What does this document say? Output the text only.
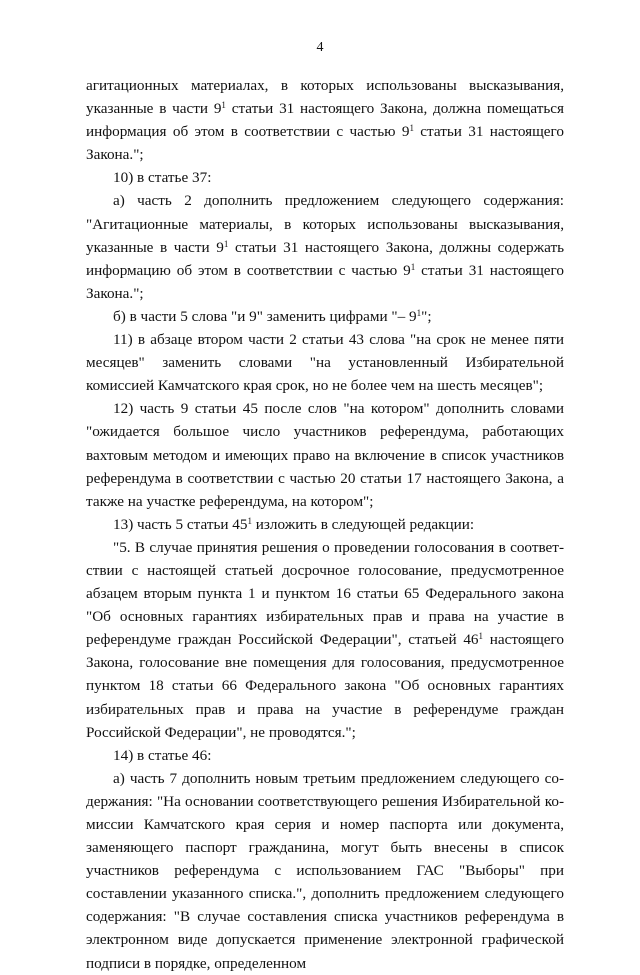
4

агитационных материалах, в которых использованы высказывания, указанные в части $9^1$ статьи 31 настоящего Закона, должна помещаться информация об этом в соответствии с частью $9^1$ статьи 31 настоящего Закона.";

10) в статье 37:

а) часть 2 дополнить предложением следующего содержания: "Агитационные материалы, в которых использованы высказывания, указанные в части $9^1$ статьи 31 настоящего Закона, должны содержать информацию об этом в соответствии с частью $9^1$ статьи 31 настоящего Закона.";

б) в части 5 слова "и 9" заменить цифрами "– $9^1$";

11) в абзаце втором части 2 статьи 43 слова "на срок не менее пяти месяцев" заменить словами "на установленный Избирательной комиссией Камчатского края срок, но не более чем на шесть месяцев";

12) часть 9 статьи 45 после слов "на котором" дополнить словами "ожидается большое число участников референдума, работающих вахтовым методом и имеющих право на включение в список участников референдума в соответствии с частью 20 статьи 17 настоящего Закона, а также на участке референдума, на котором";

13) часть 5 статьи $45^1$ изложить в следующей редакции:

"5. В случае принятия решения о проведении голосования в соответствии с настоящей статьей досрочное голосование, предусмотренное абзацем вторым пункта 1 и пунктом 16 статьи 65 Федерального закона "Об основных гарантиях избирательных прав и права на участие в референдуме граждан Российской Федерации", статьей $46^1$ настоящего Закона, голосование вне помещения для голосования, предусмотренное пунктом 18 статьи 66 Федерального закона "Об основных гарантиях избирательных прав и права на участие в референдуме граждан Российской Федерации", не проводятся.";

14) в статье 46:

а) часть 7 дополнить новым третьим предложением следующего содержания: "На основании соответствующего решения Избирательной комиссии Камчатского края серия и номер паспорта или документа, заменяющего паспорт гражданина, могут быть внесены в список участников референдума с использованием ГАС "Выборы" при составлении указанного списка.", дополнить предложением следующего содержания: "В случае составления списка участников референдума в электронном виде допускается применение электронной графической подписи в порядке, определенном
